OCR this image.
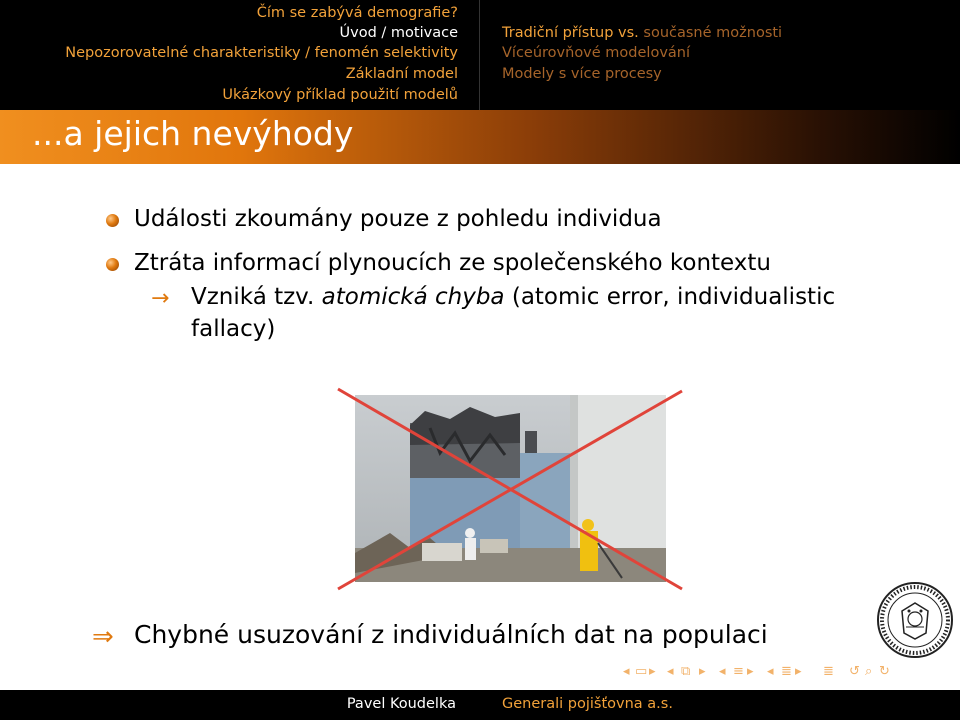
Čím se zabývá demografie?
Úvod / motivace
Nepozorovatelné charakteristiky / fenomén selektivity
Základní model
Ukázkový příklad použití modelů
Tradiční přístup vs. současné možnosti
Víceúrovňové modelování
Modely s více procesy
...a jejich nevýhody
Události zkoumány pouze z pohledu individua
Ztráta informací plynoucích ze společenského kontextu
→ Vzniká tzv. atomická chyba (atomic error, individualistic
fallacy)
⇒ Chybné usuzování z individuálních dat na populaci
◂ ▭ ▸ ◂ ⧉ ▸ ◂ ≡ ▸ ◂ ≣ ▸ ≣ ↺ ⌕ ↻
Pavel Koudelka	Generali pojišťovna a.s.
